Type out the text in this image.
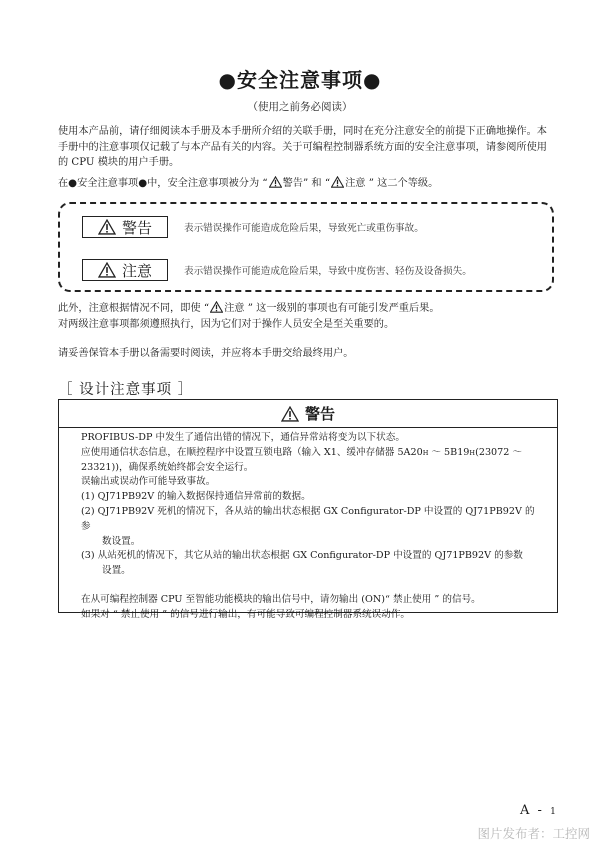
●安全注意事项●
（使用之前务必阅读）
使用本产品前，请仔细阅读本手册及本手册所介绍的关联手册，同时在充分注意安全的前提下正确地操作。本手册中的注意事项仅记载了与本产品有关的内容。关于可编程控制器系统方面的安全注意事项，请参阅所使用的 CPU 模块的用户手册。
在●安全注意事项●中，安全注意事项被分为 “ 警告” 和 “ 注意 ” 这二个等级。
警告	表示错误操作可能造成危险后果，导致死亡或重伤事故。
注意	表示错误操作可能造成危险后果，导致中度伤害、轻伤及设备损失。
此外，注意根据情况不同，即使 “ 注意 ” 这一级别的事项也有可能引发严重后果。
对两级注意事项都须遵照执行，因为它们对于操作人员安全是至关重要的。
请妥善保管本手册以备需要时阅读，并应将本手册交给最终用户。
［ 设计注意事项 ］
警告
PROFIBUS-DP 中发生了通信出错的情况下，通信异常站将变为以下状态。
应使用通信状态信息，在顺控程序中设置互锁电路（输入 X1、缓冲存储器 5A20H ～ 5B19H(23072 ～
23321))，确保系统始终都会安全运行。
误输出或误动作可能导致事故。
(1) QJ71PB92V 的输入数据保持通信异常前的数据。
(2) QJ71PB92V 死机的情况下，各从站的输出状态根据 GX Configurator-DP 中设置的 QJ71PB92V 的参
数设置。
(3) 从站死机的情况下，其它从站的输出状态根据 GX Configurator-DP 中设置的 QJ71PB92V 的参数
设置。
在从可编程控制器 CPU 至智能功能模块的输出信号中，请勿输出 (ON)“ 禁止使用 ” 的信号。
如果对 “ 禁止使用 ” 的信号进行输出，有可能导致可编程控制器系统误动作。
A - 1
图片发布者：工控网
